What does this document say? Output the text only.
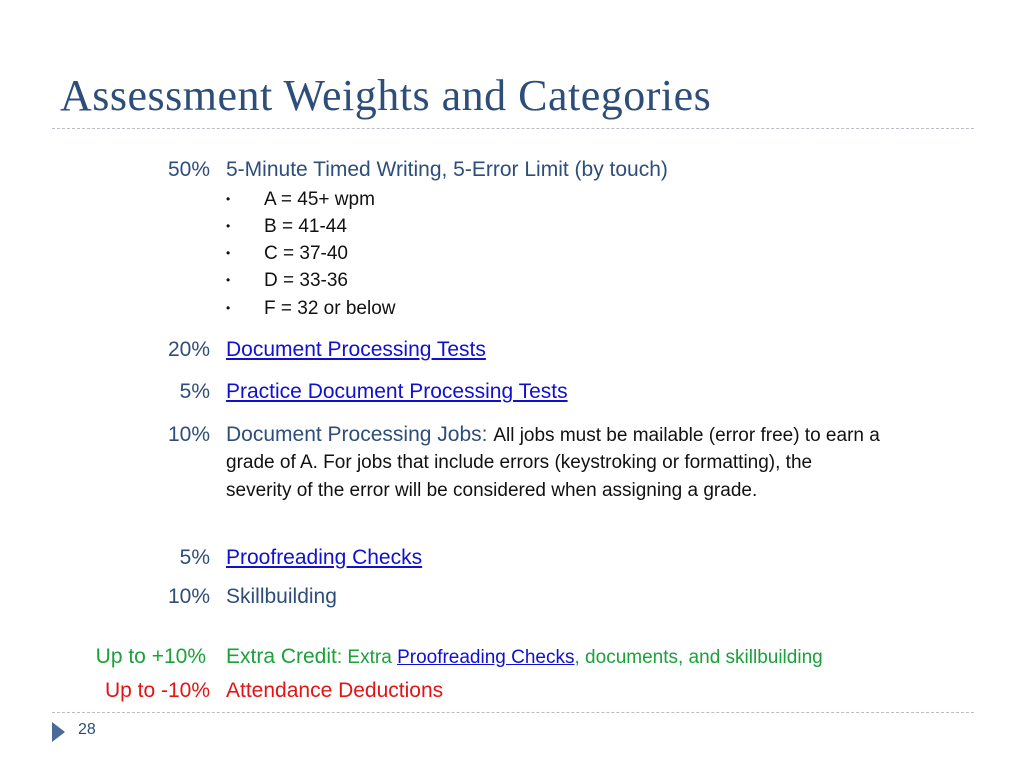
Assessment Weights and Categories
50% 5-Minute Timed Writing, 5-Error Limit (by touch)
• A = 45+ wpm
• B = 41-44
• C = 37-40
• D = 33-36
• F = 32 or below
20% Document Processing Tests
5% Practice Document Processing Tests
10% Document Processing Jobs: All jobs must be mailable (error free) to earn a
grade of A. For jobs that include errors (keystroking or formatting), the
severity of the error will be considered when assigning a grade.
5% Proofreading Checks
10% Skillbuilding
Up to +10% Extra Credit: Extra Proofreading Checks, documents, and skillbuilding
Up to -10% Attendance Deductions
28
